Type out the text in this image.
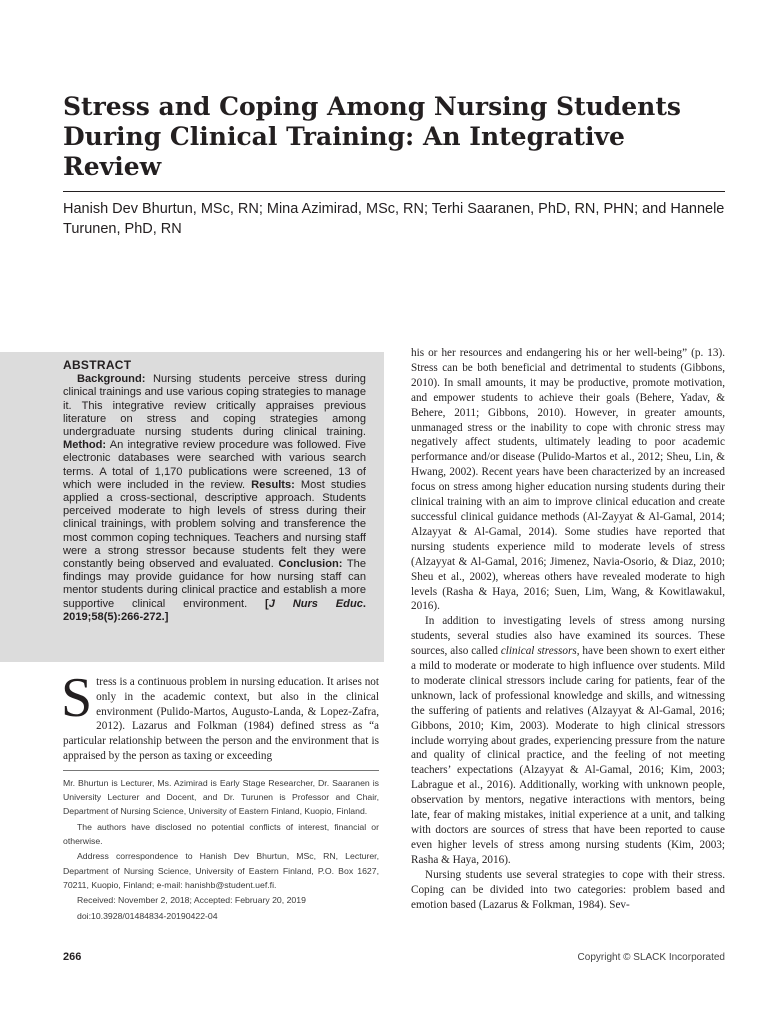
Stress and Coping Among Nursing Students During Clinical Training: An Integrative Review
Hanish Dev Bhurtun, MSc, RN; Mina Azimirad, MSc, RN; Terhi Saaranen, PhD, RN, PHN; and Hannele Turunen, PhD, RN
ABSTRACT
Background: Nursing students perceive stress during clinical trainings and use various coping strategies to manage it. This integrative review critically appraises previous literature on stress and coping strategies among undergraduate nursing students during clinical training. Method: An integrative review procedure was followed. Five electronic databases were searched with various search terms. A total of 1,170 publications were screened, 13 of which were included in the review. Results: Most studies applied a cross-sectional, descriptive approach. Students perceived moderate to high levels of stress during their clinical trainings, with problem solving and transference the most common coping techniques. Teachers and nursing staff were a strong stressor because students felt they were constantly being observed and evaluated. Conclusion: The findings may provide guidance for how nursing staff can mentor students during clinical practice and establish a more supportive clinical environment. [J Nurs Educ. 2019;58(5):266-272.]
Stress is a continuous problem in nursing education. It arises not only in the academic context, but also in the clinical environment (Pulido-Martos, Augusto-Landa, & Lopez-Zafra, 2012). Lazarus and Folkman (1984) defined stress as “a particular relationship between the person and the environment that is appraised by the person as taxing or exceeding

Mr. Bhurtun is Lecturer, Ms. Azimirad is Early Stage Researcher, Dr. Saaranen is University Lecturer and Docent, and Dr. Turunen is Professor and Chair, Department of Nursing Science, University of Eastern Finland, Kuopio, Finland.

The authors have disclosed no potential conflicts of interest, financial or otherwise.

Address correspondence to Hanish Dev Bhurtun, MSc, RN, Lecturer, Department of Nursing Science, University of Eastern Finland, P.O. Box 1627, 70211, Kuopio, Finland; e-mail: hanishb@student.uef.fi.

Received: November 2, 2018; Accepted: February 20, 2019

doi:10.3928/01484834-20190422-04

his or her resources and endangering his or her well-being” (p. 13). Stress can be both beneficial and detrimental to students (Gibbons, 2010). In small amounts, it may be productive, promote motivation, and empower students to achieve their goals (Behere, Yadav, & Behere, 2011; Gibbons, 2010). However, in greater amounts, unmanaged stress or the inability to cope with chronic stress may negatively affect students, ultimately leading to poor academic performance and/or disease (Pulido-Martos et al., 2012; Sheu, Lin, & Hwang, 2002). Recent years have been characterized by an increased focus on stress among higher education nursing students during their clinical training with an aim to improve clinical education and create successful clinical guidance methods (Al-Zayyat & Al-Gamal, 2014; Alzayyat & Al-Gamal, 2014). Some studies have reported that nursing students experience mild to moderate levels of stress (Alzayyat & Al-Gamal, 2016; Jimenez, Navia-Osorio, & Diaz, 2010; Sheu et al., 2002), whereas others have revealed moderate to high levels (Rasha & Haya, 2016; Suen, Lim, Wang, & Kowitlawakul, 2016).

In addition to investigating levels of stress among nursing students, several studies also have examined its sources. These sources, also called clinical stressors, have been shown to exert either a mild to moderate or moderate to high influence over students. Mild to moderate clinical stressors include caring for patients, fear of the unknown, lack of professional knowledge and skills, and witnessing the suffering of patients and relatives (Alzayyat & Al-Gamal, 2016; Gibbons, 2010; Kim, 2003). Moderate to high clinical stressors include worrying about grades, experiencing pressure from the nature and quality of clinical practice, and the feeling of not meeting teachers’ expectations (Alzayyat & Al-Gamal, 2016; Kim, 2003; Labrague et al., 2016). Additionally, working with unknown people, observation by mentors, negative interactions with mentors, being late, fear of making mistakes, initial experience at a unit, and talking with doctors are sources of stress that have been reported to cause even higher levels of stress among nursing students (Kim, 2003; Rasha & Haya, 2016).

Nursing students use several strategies to cope with their stress. Coping can be divided into two categories: problem based and emotion based (Lazarus & Folkman, 1984). Sev-

266	Copyright © SLACK Incorporated
